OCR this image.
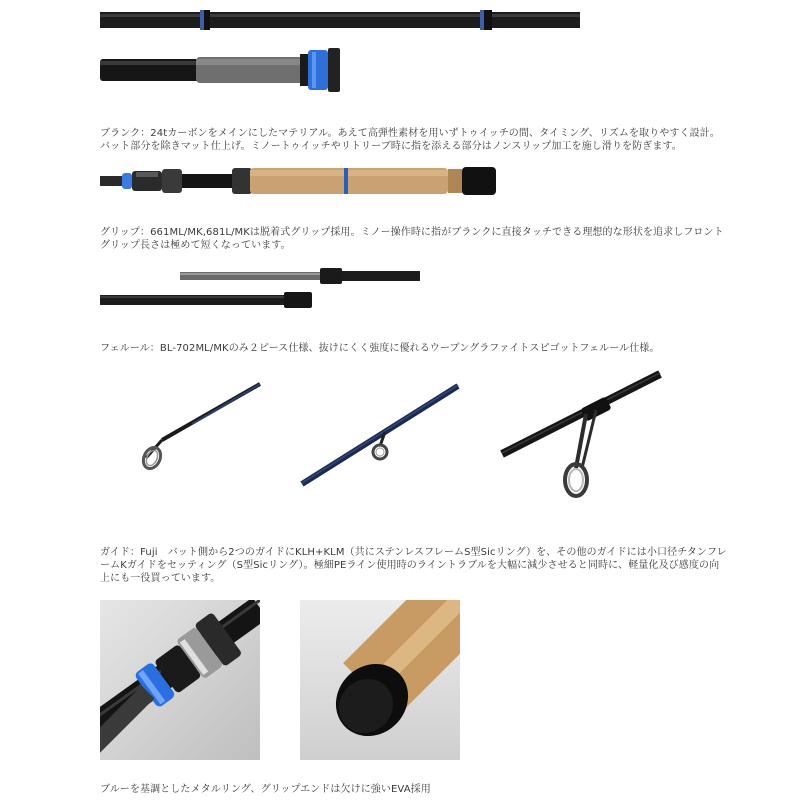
ブランク：24tカーボンをメインにしたマテリアル。あえて高弾性素材を用いずトゥイッチの間、タイミング、リズムを取りやすく設計。
バット部分を除きマット仕上げ。ミノートゥイッチやリトリーブ時に指を添える部分はノンスリップ加工を施し滑りを防ぎます。
グリップ：661ML/MK,681L/MKは脱着式グリップ採用。ミノー操作時に指がブランクに直接タッチできる理想的な形状を追求しフロント
グリップ長さは極めて短くなっています。
フェルール：BL-702ML/MKのみ２ピース仕様、抜けにくく強度に優れるウーブングラファイトスピゴットフェルール仕様。
ガイド：Fuji　バット側から2つのガイドにKLH+KLM（共にステンレスフレームS型Sicリング）を、その他のガイドには小口径チタンフレ
ームKガイドをセッティング（S型Sicリング）。極細PEライン使用時のライントラブルを大幅に減少させると同時に、軽量化及び感度の向
上にも一役買っています。
ブルーを基調としたメタルリング、グリップエンドは欠けに強いEVA採用
